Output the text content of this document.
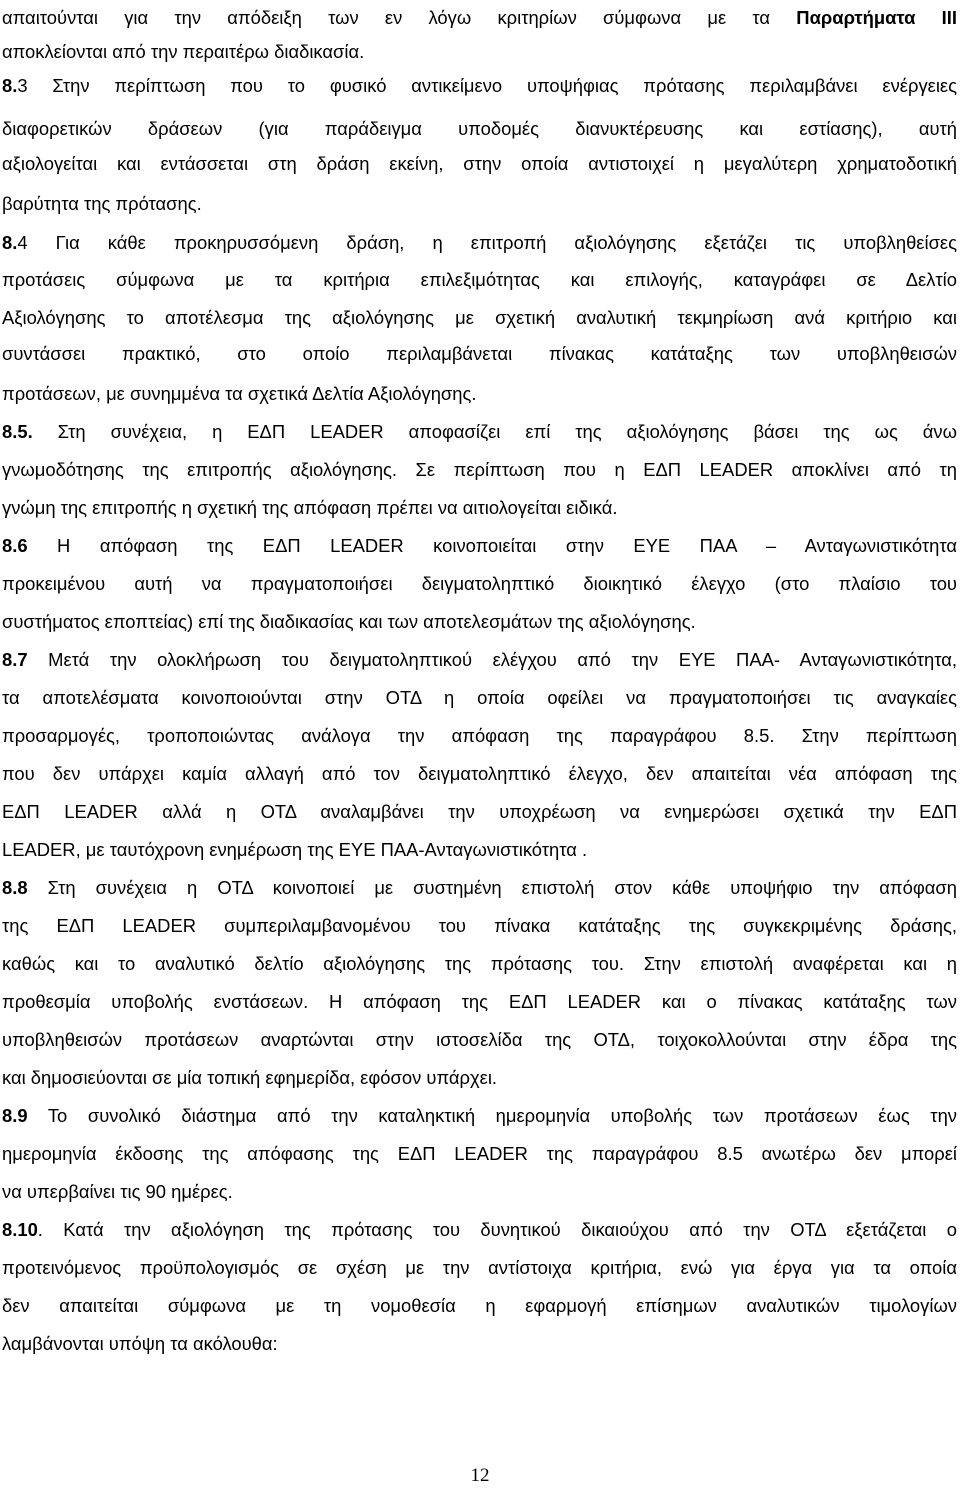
απαιτούνται για την απόδειξη των εν λόγω κριτηρίων σύμφωνα με τα Παραρτήματα III
αποκλείονται από την περαιτέρω διαδικασία.
8.3 Στην περίπτωση που το φυσικό αντικείμενο υποψήφιας πρότασης περιλαμβάνει ενέργειες
διαφορετικών δράσεων (για παράδειγμα υποδομές διανυκτέρευσης και εστίασης), αυτή
αξιολογείται και εντάσσεται στη δράση εκείνη, στην οποία αντιστοιχεί η μεγαλύτερη χρηματοδοτική
βαρύτητα της πρότασης.
8.4 Για κάθε προκηρυσσόμενη δράση, η επιτροπή αξιολόγησης εξετάζει τις υποβληθείσες
προτάσεις σύμφωνα με τα κριτήρια επιλεξιμότητας και επιλογής, καταγράφει σε Δελτίο
Αξιολόγησης το αποτέλεσμα της αξιολόγησης με σχετική αναλυτική τεκμηρίωση ανά κριτήριο και
συντάσσει πρακτικό, στο οποίο περιλαμβάνεται πίνακας κατάταξης των υποβληθεισών
προτάσεων, με συνημμένα τα σχετικά Δελτία Αξιολόγησης.
8.5. Στη συνέχεια, η ΕΔΠ LEADER αποφασίζει επί της αξιολόγησης βάσει της ως άνω
γνωμοδότησης της επιτροπής αξιολόγησης. Σε περίπτωση που η ΕΔΠ LEADER αποκλίνει από τη
γνώμη της επιτροπής η σχετική της απόφαση πρέπει να αιτιολογείται ειδικά.
8.6 Η απόφαση της ΕΔΠ LEADER κοινοποιείται στην ΕΥΕ ΠΑΑ – Ανταγωνιστικότητα
προκειμένου αυτή να πραγματοποιήσει δειγματοληπτικό διοικητικό έλεγχο (στο πλαίσιο του
συστήματος εποπτείας) επί της διαδικασίας και των αποτελεσμάτων της αξιολόγησης.
8.7 Μετά την ολοκλήρωση του δειγματοληπτικού ελέγχου από την ΕΥΕ ΠΑΑ- Ανταγωνιστικότητα,
τα αποτελέσματα κοινοποιούνται στην ΟΤΔ η οποία οφείλει να πραγματοποιήσει τις αναγκαίες
προσαρμογές, τροποποιώντας ανάλογα την απόφαση της παραγράφου 8.5. Στην περίπτωση
που δεν υπάρχει καμία αλλαγή από τον δειγματοληπτικό έλεγχο, δεν απαιτείται νέα απόφαση της
ΕΔΠ LEADER αλλά η ΟΤΔ αναλαμβάνει την υποχρέωση να ενημερώσει σχετικά την ΕΔΠ
LEADER, με ταυτόχρονη ενημέρωση της ΕΥΕ ΠΑΑ-Ανταγωνιστικότητα .
8.8 Στη συνέχεια η ΟΤΔ κοινοποιεί με συστημένη επιστολή στον κάθε υποψήφιο την απόφαση
της ΕΔΠ LEADER συμπεριλαμβανομένου του πίνακα κατάταξης της συγκεκριμένης δράσης,
καθώς και το αναλυτικό δελτίο αξιολόγησης της πρότασης του. Στην επιστολή αναφέρεται και η
προθεσμία υποβολής ενστάσεων. Η απόφαση της ΕΔΠ LEADER και ο πίνακας κατάταξης των
υποβληθεισών προτάσεων αναρτώνται στην ιστοσελίδα της ΟΤΔ, τοιχοκολλούνται στην έδρα της
και δημοσιεύονται σε μία τοπική εφημερίδα, εφόσον υπάρχει.
8.9 Το συνολικό διάστημα από την καταληκτική ημερομηνία υποβολής των προτάσεων έως την
ημερομηνία έκδοσης της απόφασης της ΕΔΠ LEADER της παραγράφου 8.5 ανωτέρω δεν μπορεί
να υπερβαίνει τις 90 ημέρες.
8.10. Κατά την αξιολόγηση της πρότασης του δυνητικού δικαιούχου από την ΟΤΔ εξετάζεται ο
προτεινόμενος προϋπολογισμός σε σχέση με την αντίστοιχα κριτήρια, ενώ για έργα για τα οποία
δεν απαιτείται σύμφωνα με τη νομοθεσία η εφαρμογή επίσημων αναλυτικών τιμολογίων
λαμβάνονται υπόψη τα ακόλουθα:
12
